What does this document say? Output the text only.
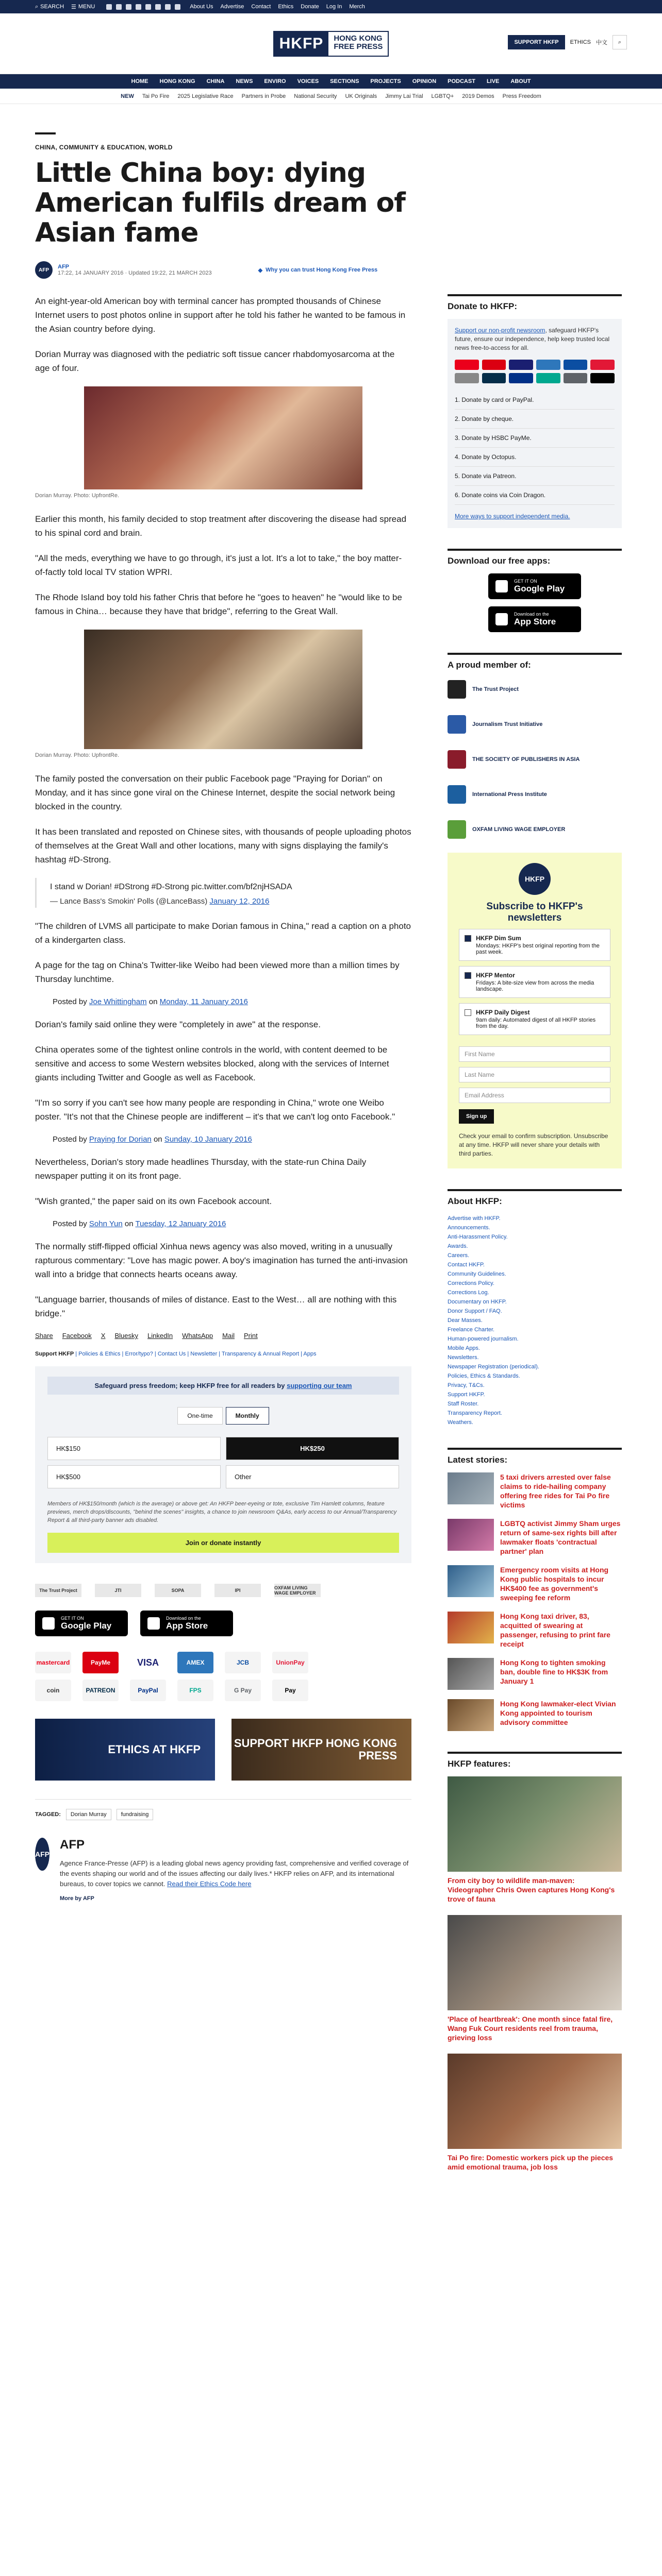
⌕ SEARCH ☰ MENU	About Us Advertise Contact Ethics Donate Log In Merch
HKFP	HONG KONG
FREE PRESS	SUPPORT HKFP	ETHICS 中文 ⌕
HOME HONG KONG CHINA NEWS ENVIRO VOICES SECTIONS PROJECTS OPINION PODCAST LIVE ABOUT
NEW Tai Po Fire 2025 Legislative Race Partners in Probe National Security UK Originals Jimmy Lai Trial LGBTQ+ 2019 Demos Press Freedom
CHINA, COMMUNITY & EDUCATION, WORLD
Little China boy: dying American fulfils dream of Asian fame
AFP	AFP
17:22, 14 JANUARY 2016 · Updated 19:22, 21 MARCH 2023	◆ Why you can trust Hong Kong Free Press

An eight-year-old American boy with terminal cancer has prompted thousands of Chinese Internet users to post photos online in support after he told his father he wanted to be famous in the Asian country before dying.

Dorian Murray was diagnosed with the pediatric soft tissue cancer rhabdomyosarcoma at the age of four.

Dorian Murray. Photo: UpfrontRe.

Earlier this month, his family decided to stop treatment after discovering the disease had spread to his spinal cord and brain.

"All the meds, everything we have to go through, it's just a lot. It's a lot to take," the boy matter-of-factly told local TV station WPRI.

The Rhode Island boy told his father Chris that before he "goes to heaven" he "would like to be famous in China… because they have that bridge", referring to the Great Wall.

Dorian Murray. Photo: UpfrontRe.

The family posted the conversation on their public Facebook page "Praying for Dorian" on Monday, and it has since gone viral on the Chinese Internet, despite the social network being blocked in the country.

It has been translated and reposted on Chinese sites, with thousands of people uploading photos of themselves at the Great Wall and other locations, many with signs displaying the family's hashtag #D-Strong.

I stand w Dorian! #DStrong #D-Strong pic.twitter.com/bf2njHSADA

— Lance Bass's Smokin' Polls (@LanceBass) January 12, 2016

"The children of LVMS all participate to make Dorian famous in China," read a caption on a photo of a kindergarten class.

A page for the tag on China's Twitter-like Weibo had been viewed more than a million times by Thursday lunchtime.

Posted by Joe Whittingham on Monday, 11 January 2016

Dorian's family said online they were "completely in awe" at the response.

China operates some of the tightest online controls in the world, with content deemed to be sensitive and access to some Western websites blocked, along with the services of Internet giants including Twitter and Google as well as Facebook.

"I'm so sorry if you can't see how many people are responding in China," wrote one Weibo poster. "It's not that the Chinese people are indifferent – it's that we can't log onto Facebook."

Posted by Praying for Dorian on Sunday, 10 January 2016

Nevertheless, Dorian's story made headlines Thursday, with the state-run China Daily newspaper putting it on its front page.

"Wish granted," the paper said on its own Facebook account.

Posted by Sohn Yun on Tuesday, 12 January 2016

The normally stiff-flipped official Xinhua news agency was also moved, writing in a unusually rapturous commentary: "Love has magic power. A boy's imagination has turned the anti-invasion wall into a bridge that connects hearts oceans away.

"Language barrier, thousands of miles of distance. East to the West… all are nothing with this bridge."

Share Facebook X Bluesky LinkedIn WhatsApp Mail Print
Support HKFP | Policies & Ethics | Error/typo? | Contact Us | Newsletter | Transparency & Annual Report | Apps
Safeguard press freedom; keep HKFP free for all readers by supporting our team
One-time	Monthly
HK$150	HK$250
HK$500	Other
Members of HK$150/month (which is the average) or above get: An HKFP beer-eyeing or tote, exclusive Tim Hamlett columns, feature previews, merch drops/discounts, "behind the scenes" insights, a chance to join newsroom Q&As, early access to our Annual/Transparency Report & all third-party banner ads disabled.
Join or donate instantly
The Trust Project	JTI	SOPA	IPI	OXFAM LIVING WAGE EMPLOYER
GET IT ON
Google Play
Download on the
App Store
mastercard	PayMe	VISA	AMEX	JCB	UnionPay
coin	PATREON	PayPal	FPS	G Pay	Pay
ETHICS AT HKFP	SUPPORT HKFP HONG KONG PRESS
TAGGED:	Dorian Murray	fundraising
AFP
AFP
Agence France-Presse (AFP) is a leading global news agency providing fast, comprehensive and verified coverage of the events shaping our world and of the issues affecting our daily lives.* HKFP relies on AFP, and its international bureaus, to cover topics we cannot. Read their Ethics Code here
More by AFP
Donate to HKFP:
Support our non-profit newsroom, safeguard HKFP's future, ensure our independence, help keep trusted local news free-to-access for all.
1. Donate by card or PayPal.
2. Donate by cheque.
3. Donate by HSBC PayMe.
4. Donate by Octopus.
5. Donate via Patreon.
6. Donate coins via Coin Dragon.
More ways to support independent media.
Download our free apps:
GET IT ON
Google Play
Download on the
App Store
A proud member of:
The Trust Project
Journalism Trust Initiative
THE SOCIETY OF PUBLISHERS IN ASIA
International Press Institute
OXFAM LIVING WAGE EMPLOYER
HKFP
Subscribe to HKFP's newsletters
HKFP Dim Sum
Mondays: HKFP's best original reporting from the past week.
HKFP Mentor
Fridays: A bite-size view from across the media landscape.
HKFP Daily Digest
9am daily: Automated digest of all HKFP stories from the day.
First Name
Last Name
Email Address
Sign up
Check your email to confirm subscription. Unsubscribe at any time. HKFP will never share your details with third parties.
About HKFP:
Advertise with HKFP.
Announcements.
Anti-Harassment Policy.
Awards.
Careers.
Contact HKFP.
Community Guidelines.
Corrections Policy.
Corrections Log.
Documentary on HKFP.
Donor Support / FAQ.
Dear Masses.
Freelance Charter.
Human-powered journalism.
Mobile Apps.
Newsletters.
Newspaper Registration (periodical).
Policies, Ethics & Standards.
Privacy, T&Cs.
Support HKFP.
Staff Roster.
Transparency Report.
Weathers.
Latest stories:
5 taxi drivers arrested over false claims to ride-hailing company offering free rides for Tai Po fire victims
LGBTQ activist Jimmy Sham urges return of same-sex rights bill after lawmaker floats 'contractual partner' plan
Emergency room visits at Hong Kong public hospitals to incur HK$400 fee as government's sweeping fee reform
Hong Kong taxi driver, 83, acquitted of swearing at passenger, refusing to print fare receipt
Hong Kong to tighten smoking ban, double fine to HK$3K from January 1
Hong Kong lawmaker-elect Vivian Kong appointed to tourism advisory committee
HKFP features:
From city boy to wildlife man-maven: Videographer Chris Owen captures Hong Kong's trove of fauna
'Place of heartbreak': One month since fatal fire, Wang Fuk Court residents reel from trauma, grieving loss
Tai Po fire: Domestic workers pick up the pieces amid emotional trauma, job loss
